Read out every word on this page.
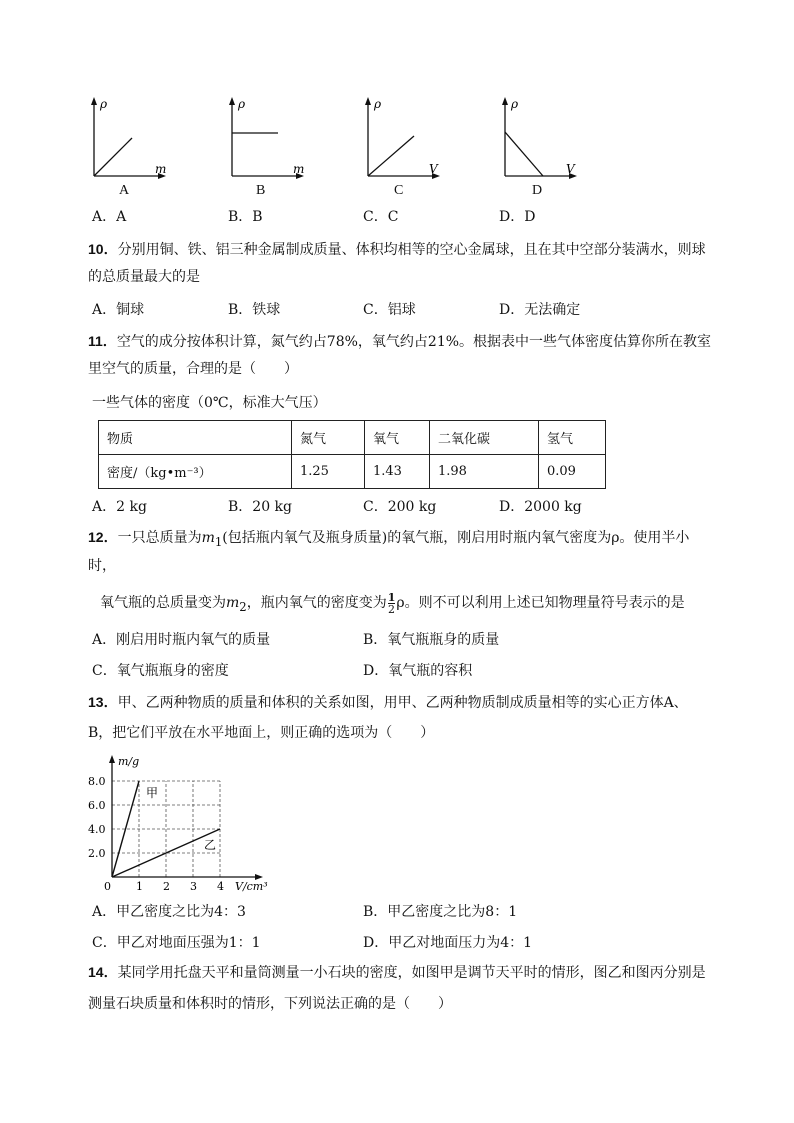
ρ
m
A
ρ
m
B
ρ
V
C
ρ
V
D
A．A	B．B	C．C	D．D
10．分别用铜、铁、铝三种金属制成质量、体积均相等的空心金属球，且在其中空部分装满水，则球
的总质量最大的是
A．铜球	B．铁球	C．铝球	D．无法确定
11．空气的成分按体积计算，氮气约占78%，氧气约占21%。根据表中一些气体密度估算你所在教室
里空气的质量，合理的是（　　）
一些气体的密度（0℃，标准大气压）
物质	氮气	氧气	二氧化碳	氢气
密度/（kg•m⁻³）	1.25	1.43	1.98	0.09
A．2 kg	B．20 kg	C．200 kg	D．2000 kg
12．一只总质量为$m_1$(包括瓶内氧气及瓶身质量)的氧气瓶，刚启用时瓶内氧气密度为ρ。使用半小
时，
氧气瓶的总质量变为$m_2$，瓶内氧气的密度变为 $\frac{1}{2}$ ρ。则不可以利用上述已知物理量符号表示的是
A．刚启用时瓶内氧气的质量	B．氧气瓶瓶身的质量
C．氧气瓶瓶身的密度	D．氧气瓶的容积
13．甲、乙两种物质的质量和体积的关系如图，用甲、乙两种物质制成质量相等的实心正方体A、
B，把它们平放在水平地面上，则正确的选项为（　　）
m/g
V/cm³
0 1 2 3 4
2.0
4.0
6.0
8.0
甲
乙
A．甲乙密度之比为4：3	B．甲乙密度之比为8：1
C．甲乙对地面压强为1：1	D．甲乙对地面压力为4：1
14．某同学用托盘天平和量筒测量一小石块的密度，如图甲是调节天平时的情形，图乙和图丙分别是
测量石块质量和体积时的情形，下列说法正确的是（　　）
